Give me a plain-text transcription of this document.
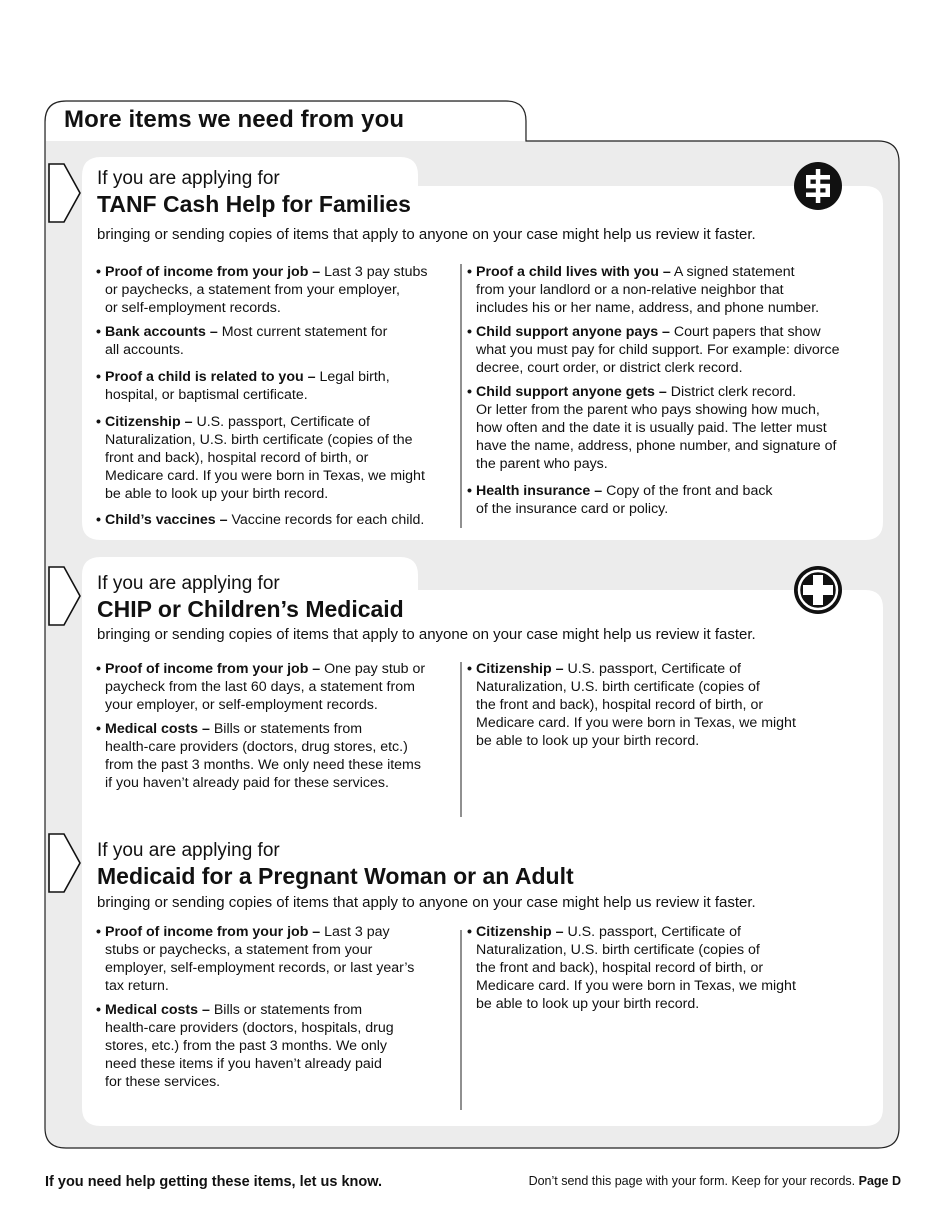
More items we need from you
If you are applying for
TANF Cash Help for Families
bringing or sending copies of items that apply to anyone on your case might help us review it faster.

• Proof of income from your job – Last 3 pay stubs
or paychecks, a statement from your employer,
or self-employment records.

• Bank accounts – Most current statement for
all accounts.

• Proof a child is related to you – Legal birth,
hospital, or baptismal certificate.

• Citizenship – U.S. passport, Certificate of
Naturalization, U.S. birth certificate (copies of the
front and back), hospital record of birth, or
Medicare card. If you were born in Texas, we might
be able to look up your birth record.

• Child’s vaccines – Vaccine records for each child.

• Proof a child lives with you – A signed statement
from your landlord or a non-relative neighbor that
includes his or her name, address, and phone number.

• Child support anyone pays – Court papers that show
what you must pay for child support. For example: divorce
decree, court order, or district clerk record.

• Child support anyone gets – District clerk record.
Or letter from the parent who pays showing how much,
how often and the date it is usually paid. The letter must
have the name, address, phone number, and signature of
the parent who pays.

• Health insurance – Copy of the front and back
of the insurance card or policy.

If you are applying for
CHIP or Children’s Medicaid
bringing or sending copies of items that apply to anyone on your case might help us review it faster.

• Proof of income from your job – One pay stub or
paycheck from the last 60 days, a statement from
your employer, or self-employment records.

• Medical costs – Bills or statements from
health-care providers (doctors, drug stores, etc.)
from the past 3 months. We only need these items
if you haven’t already paid for these services.

• Citizenship – U.S. passport, Certificate of
Naturalization, U.S. birth certificate (copies of
the front and back), hospital record of birth, or
Medicare card. If you were born in Texas, we might
be able to look up your birth record.

If you are applying for
Medicaid for a Pregnant Woman or an Adult
bringing or sending copies of items that apply to anyone on your case might help us review it faster.

• Proof of income from your job – Last 3 pay
stubs or paychecks, a statement from your
employer, self-employment records, or last year’s
tax return.

• Medical costs – Bills or statements from
health-care providers (doctors, hospitals, drug
stores, etc.) from the past 3 months. We only
need these items if you haven’t already paid
for these services.

• Citizenship – U.S. passport, Certificate of
Naturalization, U.S. birth certificate (copies of
the front and back), hospital record of birth, or
Medicare card. If you were born in Texas, we might
be able to look up your birth record.

If you need help getting these items, let us know.	Don’t send this page with your form. Keep for your records. Page D
